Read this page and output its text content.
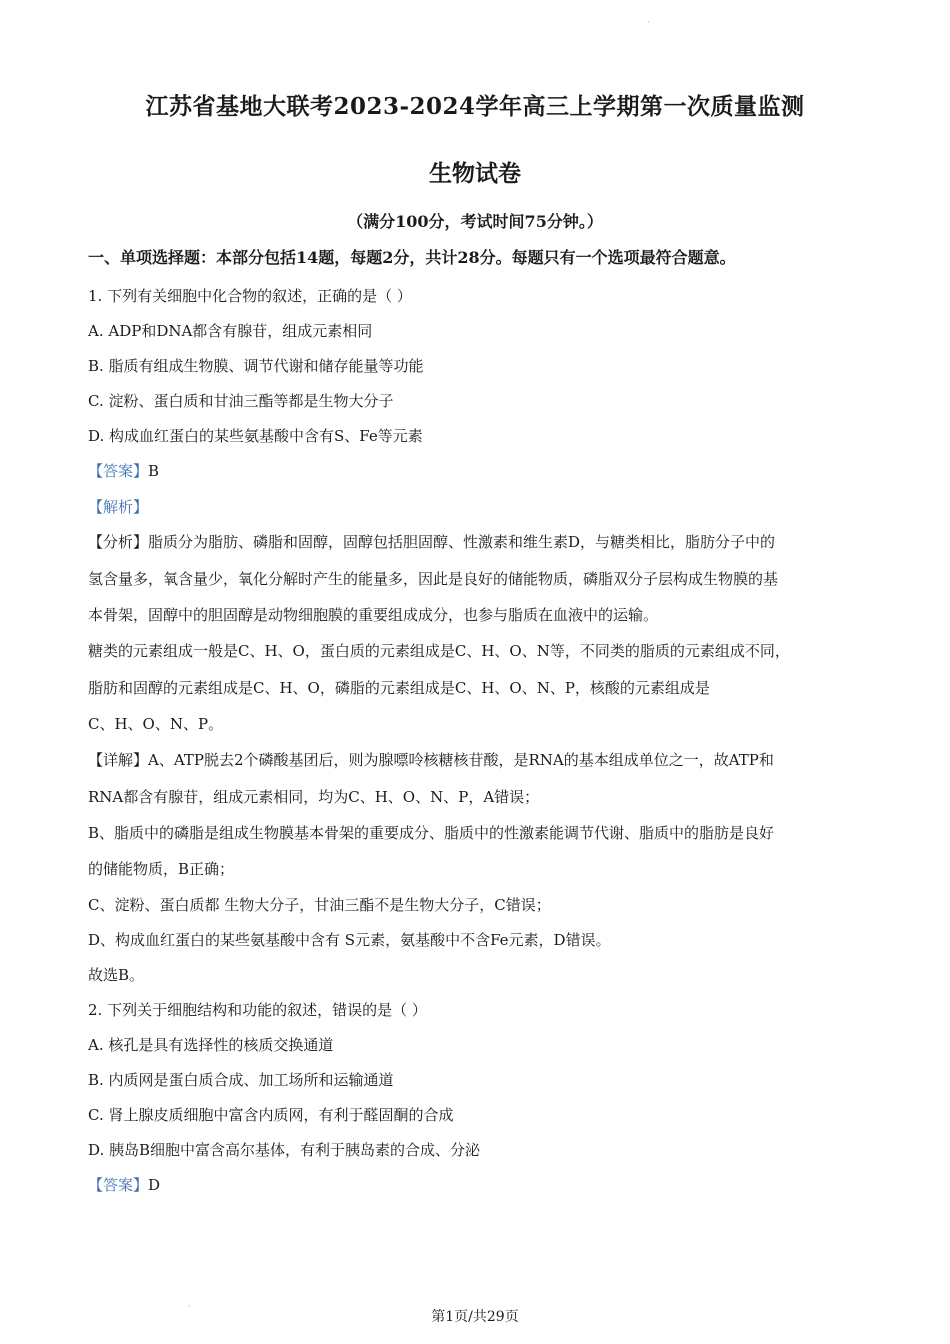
·
江苏省基地大联考2023-2024学年高三上学期第一次质量监测
生物试卷
（满分100分，考试时间75分钟。）
一、单项选择题：本部分包括14题，每题2分，共计28分。每题只有一个选项最符合题意。
1. 下列有关细胞中化合物的叙述，正确的是（ ）
A. ADP和DNA都含有腺苷，组成元素相同
B. 脂质有组成生物膜、调节代谢和储存能量等功能
C. 淀粉、蛋白质和甘油三酯等都是生物大分子
D. 构成血红蛋白的某些氨基酸中含有S、Fe等元素
【答案】B
【解析】
【分析】脂质分为脂肪、磷脂和固醇，固醇包括胆固醇、性激素和维生素D，与糖类相比，脂肪分子中的
氢含量多，氧含量少，氧化分解时产生的能量多，因此是良好的储能物质，磷脂双分子层构成生物膜的基
本骨架，固醇中的胆固醇是动物细胞膜的重要组成成分，也参与脂质在血液中的运输。
糖类的元素组成一般是C、H、O，蛋白质的元素组成是C、H、O、N等，不同类的脂质的元素组成不同，
脂肪和固醇的元素组成是C、H、O，磷脂的元素组成是C、H、O、N、P，核酸的元素组成是
C、H、O、N、P。
【详解】A、ATP脱去2个磷酸基团后，则为腺嘌呤核糖核苷酸，是RNA的基本组成单位之一，故ATP和
RNA都含有腺苷，组成元素相同，均为C、H、O、N、P，A错误；
B、脂质中的磷脂是组成生物膜基本骨架的重要成分、脂质中的性激素能调节代谢、脂质中的脂肪是良好
的储能物质，B正确；
C、淀粉、蛋白质都 生物大分子，甘油三酯不是生物大分子，C错误；
D、构成血红蛋白的某些氨基酸中含有 S元素，氨基酸中不含Fe元素，D错误。
故选B。
2. 下列关于细胞结构和功能的叙述，错误的是（ ）
A. 核孔是具有选择性的核质交换通道
B. 内质网是蛋白质合成、加工场所和运输通道
C. 肾上腺皮质细胞中富含内质网，有利于醛固酮的合成
D. 胰岛B细胞中富含高尔基体，有利于胰岛素的合成、分泌
【答案】D
·
第1页/共29页
